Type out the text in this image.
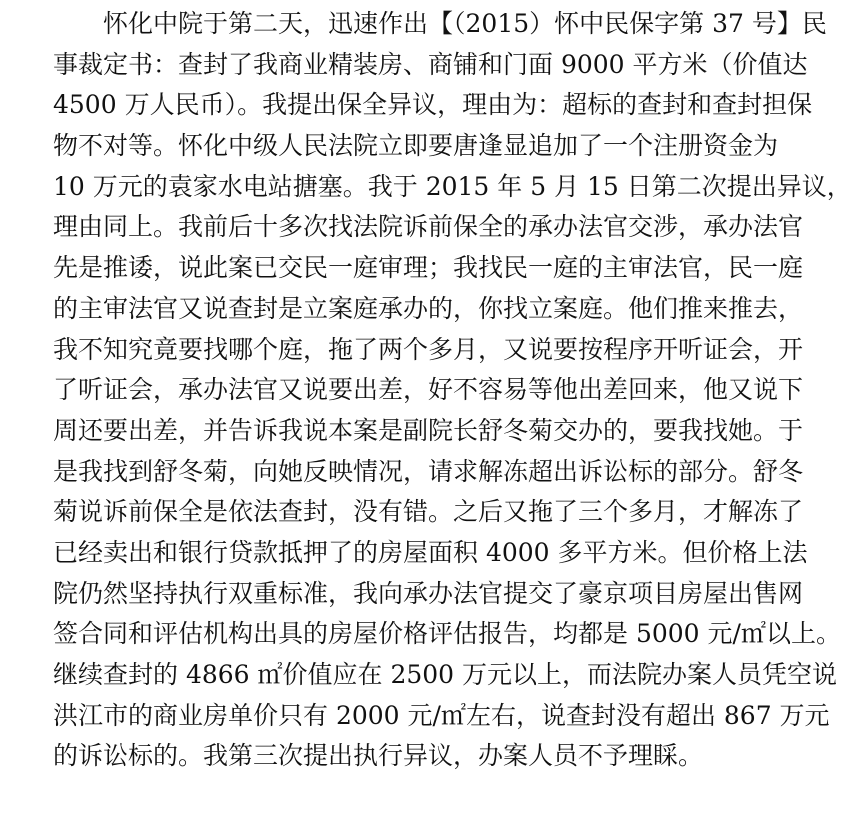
怀化中院于第二天，迅速作出【（2015）怀中民保字第 37 号】民
事裁定书：查封了我商业精装房、商铺和门面 9000 平方米（价值达
4500 万人民币）。我提出保全异议，理由为：超标的查封和查封担保
物不对等。怀化中级人民法院立即要唐逢显追加了一个注册资金为
10 万元的袁家水电站搪塞。我于 2015 年 5 月 15 日第二次提出异议，
理由同上。我前后十多次找法院诉前保全的承办法官交涉，承办法官
先是推诿，说此案已交民一庭审理；我找民一庭的主审法官，民一庭
的主审法官又说查封是立案庭承办的，你找立案庭。他们推来推去，
我不知究竟要找哪个庭，拖了两个多月，又说要按程序开听证会，开
了听证会，承办法官又说要出差，好不容易等他出差回来，他又说下
周还要出差，并告诉我说本案是副院长舒冬菊交办的，要我找她。于
是我找到舒冬菊，向她反映情况，请求解冻超出诉讼标的部分。舒冬
菊说诉前保全是依法查封，没有错。之后又拖了三个多月，才解冻了
已经卖出和银行贷款抵押了的房屋面积 4000 多平方米。但价格上法
院仍然坚持执行双重标准，我向承办法官提交了豪京项目房屋出售网
签合同和评估机构出具的房屋价格评估报告，均都是 5000 元/㎡以上。
继续查封的 4866 ㎡价值应在 2500 万元以上，而法院办案人员凭空说
洪江市的商业房单价只有 2000 元/㎡左右，说查封没有超出 867 万元
的诉讼标的。我第三次提出执行异议，办案人员不予理睬。
